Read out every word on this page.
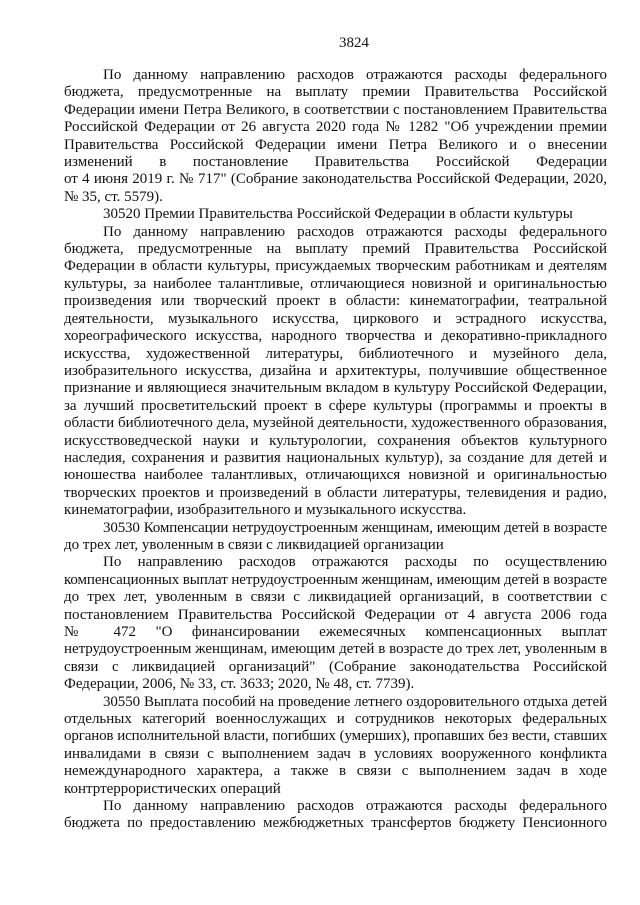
3824
По данному направлению расходов отражаются расходы федерального
бюджета, предусмотренные на выплату премии Правительства Российской
Федерации имени Петра Великого, в соответствии с постановлением Правительства
Российской Федерации от 26 августа 2020 года № 1282 "Об учреждении премии
Правительства Российской Федерации имени Петра Великого и о внесении
изменений в постановление Правительства Российской Федерации
от 4 июня 2019 г. № 717" (Собрание законодательства Российской Федерации, 2020,
№ 35, ст. 5579).
30520 Премии Правительства Российской Федерации в области культуры
По данному направлению расходов отражаются расходы федерального
бюджета, предусмотренные на выплату премий Правительства Российской
Федерации в области культуры, присуждаемых творческим работникам и деятелям
культуры, за наиболее талантливые, отличающиеся новизной и оригинальностью
произведения или творческий проект в области: кинематографии, театральной
деятельности, музыкального искусства, циркового и эстрадного искусства,
хореографического искусства, народного творчества и декоративно-прикладного
искусства, художественной литературы, библиотечного и музейного дела,
изобразительного искусства, дизайна и архитектуры, получившие общественное
признание и являющиеся значительным вкладом в культуру Российской Федерации,
за лучший просветительский проект в сфере культуры (программы и проекты в
области библиотечного дела, музейной деятельности, художественного образования,
искусствоведческой науки и культурологии, сохранения объектов культурного
наследия, сохранения и развития национальных культур), за создание для детей и
юношества наиболее талантливых, отличающихся новизной и оригинальностью
творческих проектов и произведений в области литературы, телевидения и радио,
кинематографии, изобразительного и музыкального искусства.
30530 Компенсации нетрудоустроенным женщинам, имеющим детей в возрасте
до трех лет, уволенным в связи с ликвидацией организации
По направлению расходов отражаются расходы по осуществлению
компенсационных выплат нетрудоустроенным женщинам, имеющим детей в возрасте
до трех лет, уволенным в связи с ликвидацией организаций, в соответствии с
постановлением Правительства Российской Федерации от 4 августа 2006 года
№ 472 "О финансировании ежемесячных компенсационных выплат
нетрудоустроенным женщинам, имеющим детей в возрасте до трех лет, уволенным в
связи с ликвидацией организаций" (Собрание законодательства Российской
Федерации, 2006, № 33, ст. 3633; 2020, № 48, ст. 7739).
30550 Выплата пособий на проведение летнего оздоровительного отдыха детей
отдельных категорий военнослужащих и сотрудников некоторых федеральных
органов исполнительной власти, погибших (умерших), пропавших без вести, ставших
инвалидами в связи с выполнением задач в условиях вооруженного конфликта
немеждународного характера, а также в связи с выполнением задач в ходе
контртеррористических операций
По данному направлению расходов отражаются расходы федерального
бюджета по предоставлению межбюджетных трансфертов бюджету Пенсионного
